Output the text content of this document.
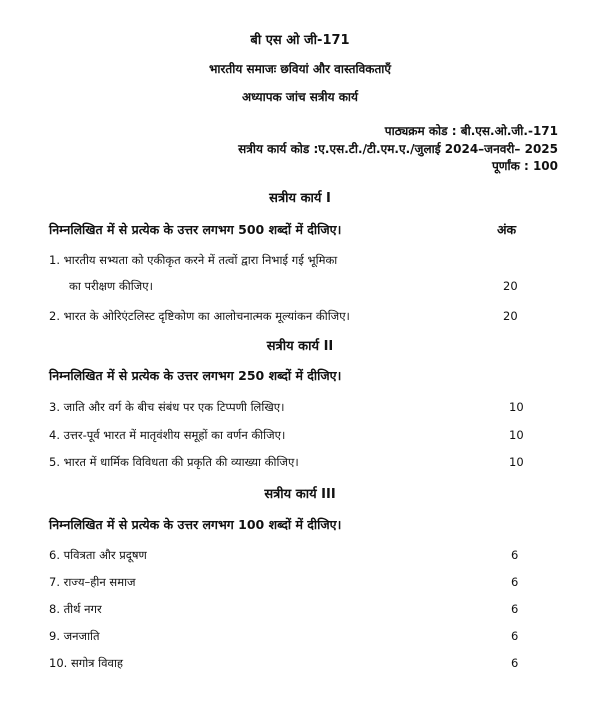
बी एस ओ जी-171
भारतीय समाजः छवियां और वास्तविकताएँ
अध्यापक जांच सत्रीय कार्य
पाठ्यक्रम कोड : बी.एस.ओ.जी.-171
सत्रीय कार्य कोड :ए.एस.टी./टी.एम.ए./जुलाई 2024–जनवरी– 2025
पूर्णांक : 100
सत्रीय कार्य I
निम्नलिखित में से प्रत्येक के उत्तर लगभग 500 शब्दों में दीजिए।	अंक
1. भारतीय सभ्यता को एकीकृत करने में तत्वों द्वारा निभाई गई भूमिका
का परीक्षण कीजिए।	20
2. भारत के ओरिएंटलिस्ट दृष्टिकोण का आलोचनात्मक मूल्यांकन कीजिए।	20
सत्रीय कार्य II
निम्नलिखित में से प्रत्येक के उत्तर लगभग 250 शब्दों में दीजिए।
3. जाति और वर्ग के बीच संबंध पर एक टिप्पणी लिखिए।	10
4. उत्तर-पूर्व भारत में मातृवंशीय समूहों का वर्णन कीजिए।	10
5. भारत में धार्मिक विविधता की प्रकृति की व्याख्या कीजिए।	10
सत्रीय कार्य III
निम्नलिखित में से प्रत्येक के उत्तर लगभग 100 शब्दों में दीजिए।
6. पवित्रता और प्रदूषण	6
7. राज्य–हीन समाज	6
8. तीर्थ नगर	6
9. जनजाति	6
10. सगोत्र विवाह	6
